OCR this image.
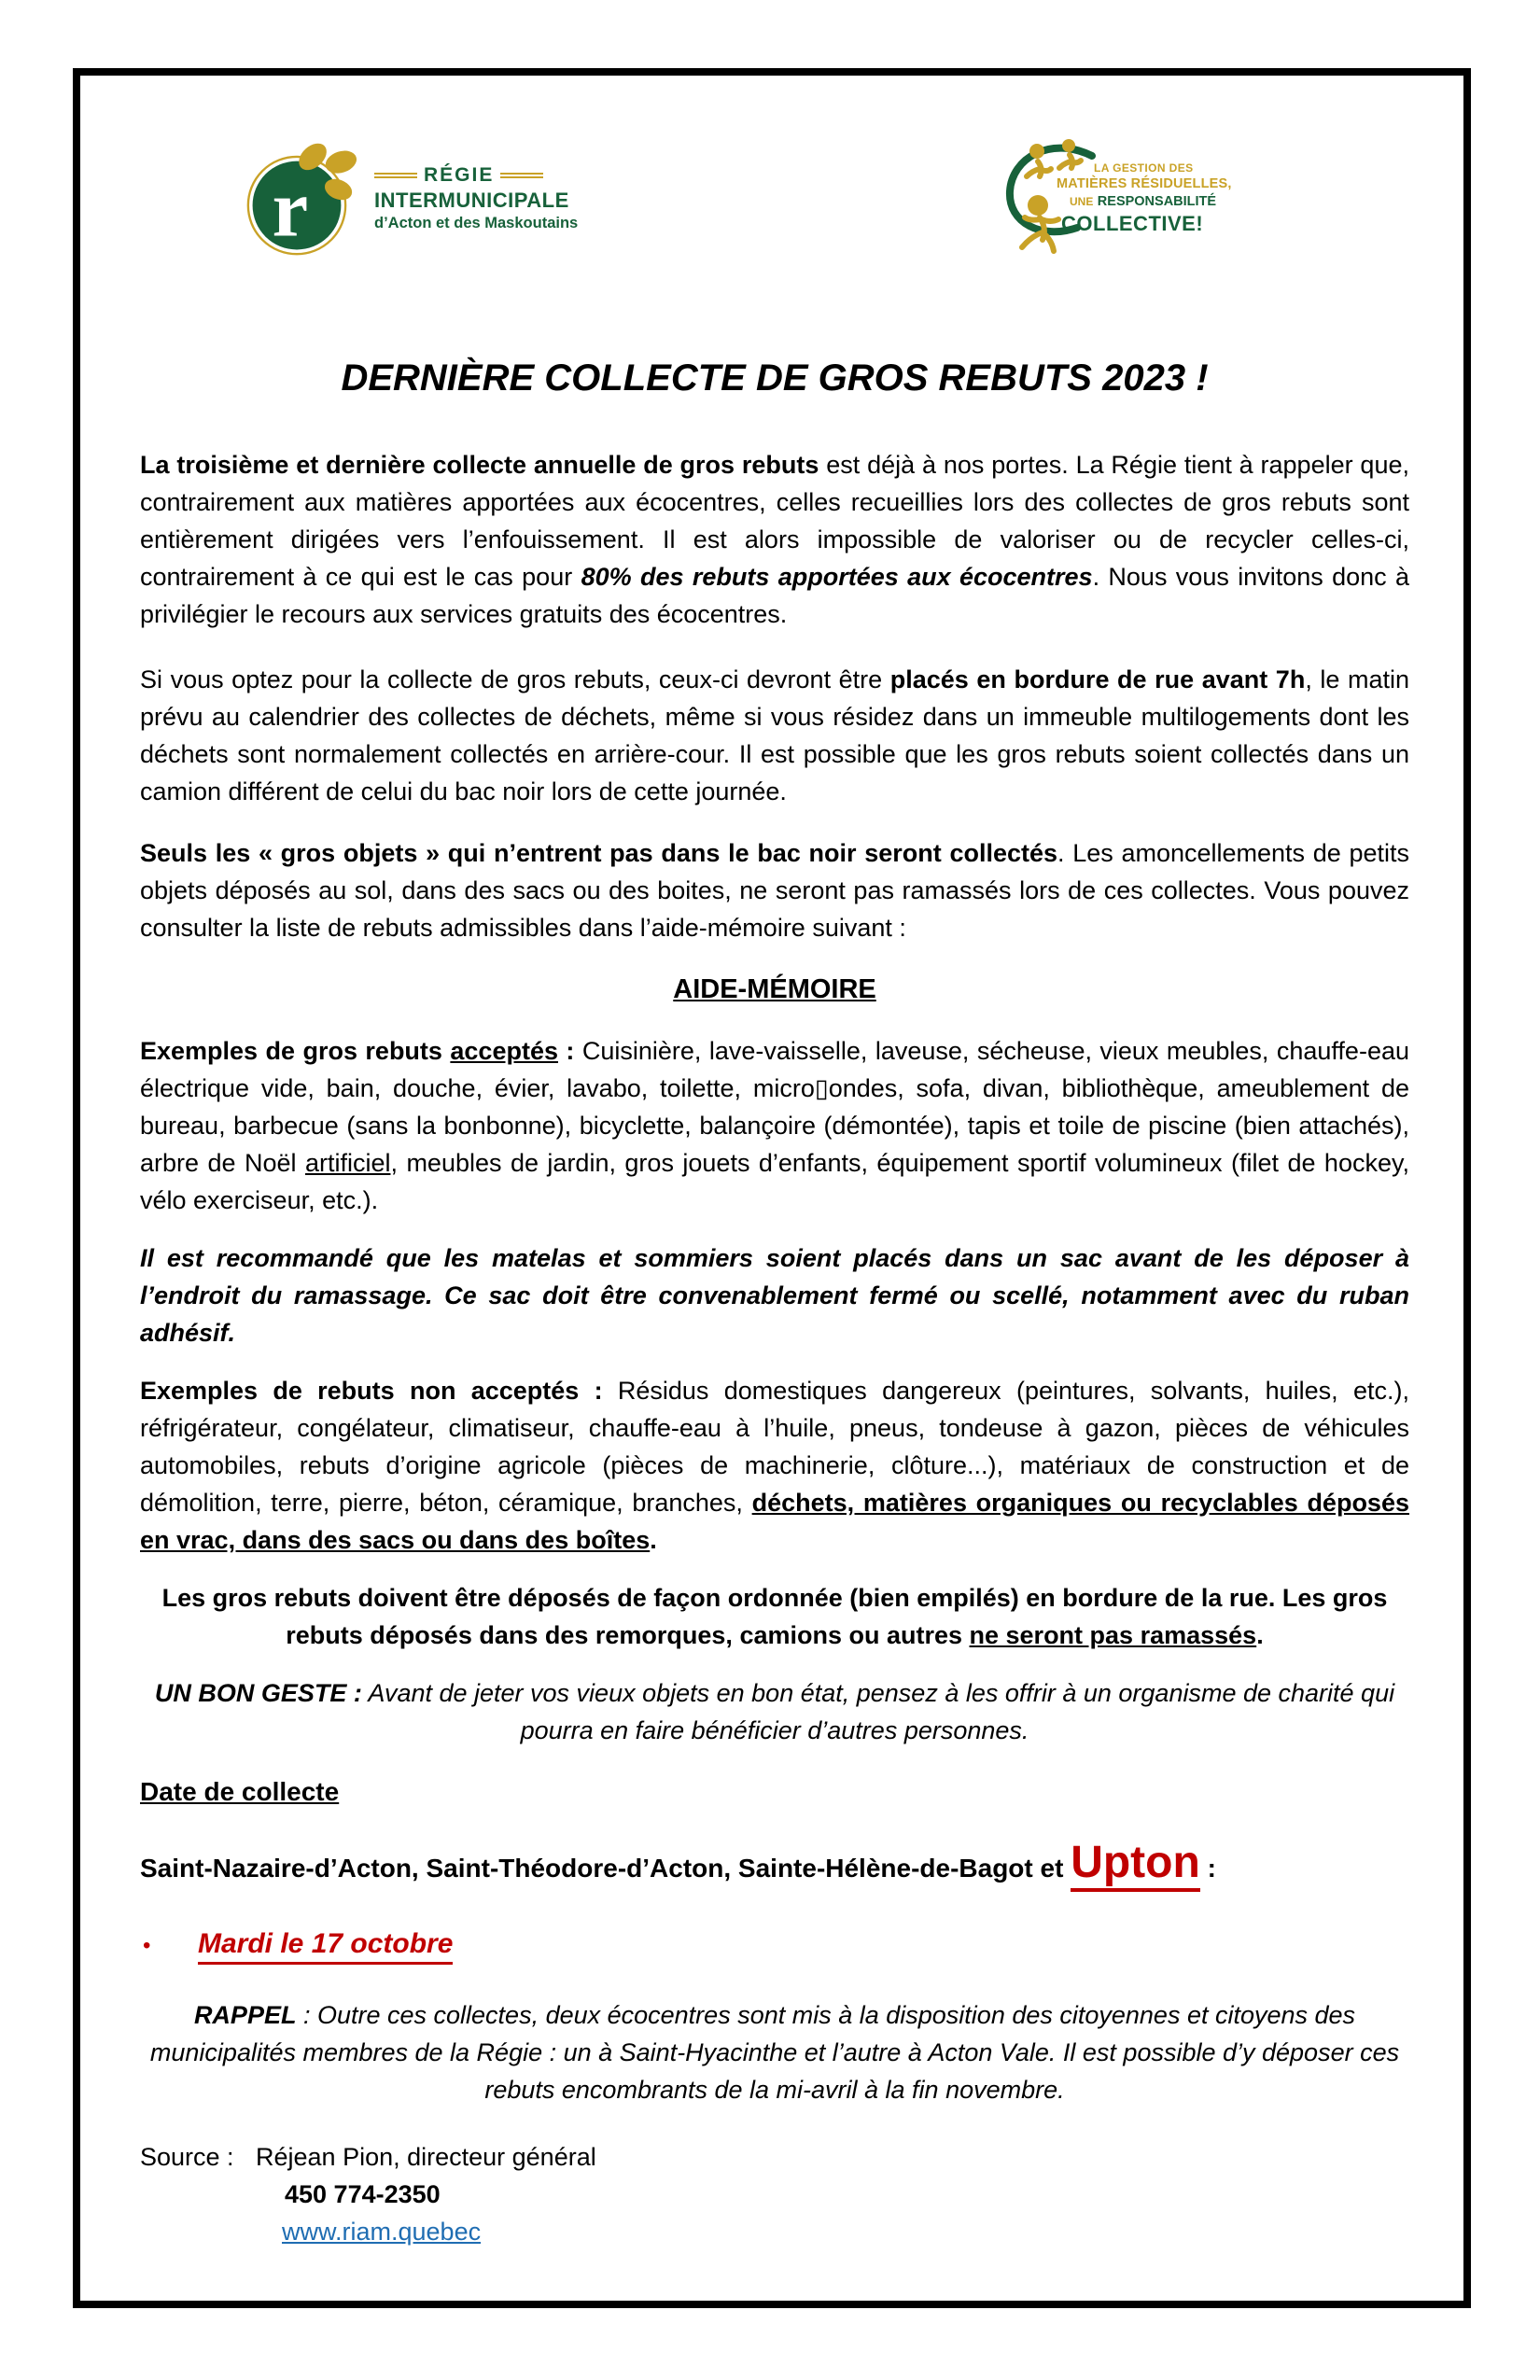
r	RÉGIE
INTERMUNICIPALE
d’Acton et des Maskoutains
LA GESTION DES
MATIÈRES RÉSIDUELLES,
UNE RESPONSABILITÉ
COLLECTIVE!
DERNIÈRE COLLECTE DE GROS REBUTS 2023 !

La troisième et dernière collecte annuelle de gros rebuts est déjà à nos portes. La Régie tient à rappeler que, contrairement aux matières apportées aux écocentres, celles recueillies lors des collectes de gros rebuts sont entièrement dirigées vers l’enfouissement. Il est alors impossible de valoriser ou de recycler celles-ci, contrairement à ce qui est le cas pour 80% des rebuts apportées aux écocentres. Nous vous invitons donc à privilégier le recours aux services gratuits des écocentres.

Si vous optez pour la collecte de gros rebuts, ceux-ci devront être placés en bordure de rue avant 7h, le matin prévu au calendrier des collectes de déchets, même si vous résidez dans un immeuble multilogements dont les déchets sont normalement collectés en arrière-cour. Il est possible que les gros rebuts soient collectés dans un camion différent de celui du bac noir lors de cette journée.

Seuls les « gros objets » qui n’entrent pas dans le bac noir seront collectés. Les amoncellements de petits objets déposés au sol, dans des sacs ou des boites, ne seront pas ramassés lors de ces collectes. Vous pouvez consulter la liste de rebuts admissibles dans l’aide-mémoire suivant :

AIDE-MÉMOIRE

Exemples de gros rebuts acceptés : Cuisinière, lave-vaisselle, laveuse, sécheuse, vieux meubles, chauffe-eau électrique vide, bain, douche, évier, lavabo, toilette, micro▯ondes, sofa, divan, bibliothèque, ameublement de bureau, barbecue (sans la bonbonne), bicyclette, balançoire (démontée), tapis et toile de piscine (bien attachés), arbre de Noël artificiel, meubles de jardin, gros jouets d’enfants, équipement sportif volumineux (filet de hockey, vélo exerciseur, etc.).

Il est recommandé que les matelas et sommiers soient placés dans un sac avant de les déposer à l’endroit du ramassage. Ce sac doit être convenablement fermé ou scellé, notamment avec du ruban adhésif.

Exemples de rebuts non acceptés : Résidus domestiques dangereux (peintures, solvants, huiles, etc.), réfrigérateur, congélateur, climatiseur, chauffe-eau à l’huile, pneus, tondeuse à gazon, pièces de véhicules automobiles, rebuts d’origine agricole (pièces de machinerie, clôture...), matériaux de construction et de démolition, terre, pierre, béton, céramique, branches, déchets, matières organiques ou recyclables déposés en vrac, dans des sacs ou dans des boîtes.

Les gros rebuts doivent être déposés de façon ordonnée (bien empilés) en bordure de la rue. Les gros rebuts déposés dans des remorques, camions ou autres ne seront pas ramassés.

UN BON GESTE : Avant de jeter vos vieux objets en bon état, pensez à les offrir à un organisme de charité qui pourra en faire bénéficier d’autres personnes.

Date de collecte
Saint-Nazaire-d’Acton, Saint-Théodore-d’Acton, Sainte-Hélène-de-Bagot et Upton :
•	Mardi le 17 octobre

RAPPEL : Outre ces collectes, deux écocentres sont mis à la disposition des citoyennes et citoyens des municipalités membres de la Régie : un à Saint-Hyacinthe et l’autre à Acton Vale. Il est possible d’y déposer ces rebuts encombrants de la mi-avril à la fin novembre.

Source : Réjean Pion, directeur général
450 774-2350
www.riam.quebec
